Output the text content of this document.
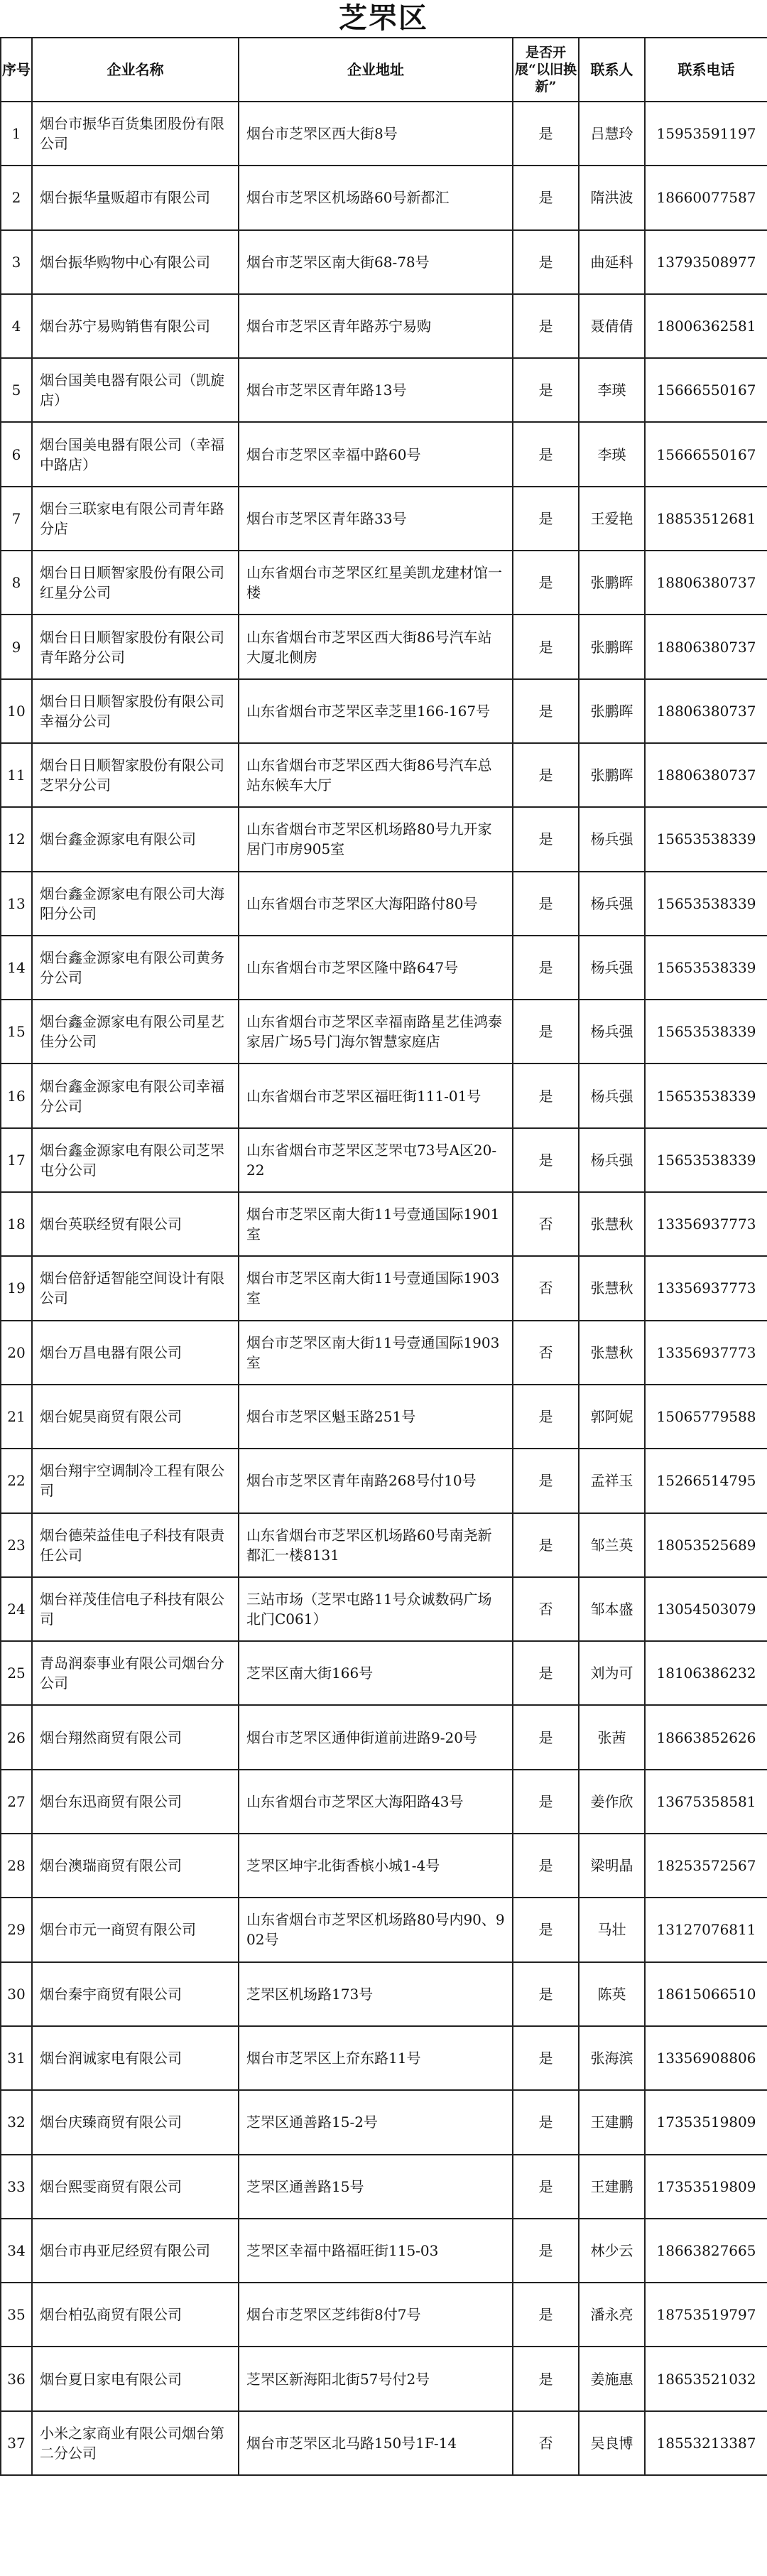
芝罘区
序号	企业名称	企业地址	是否开展“以旧换新”	联系人	联系电话
1	烟台市振华百货集团股份有限公司	烟台市芝罘区西大街8号	是	吕慧玲	15953591197
2	烟台振华量贩超市有限公司	烟台市芝罘区机场路60号新都汇	是	隋洪波	18660077587
3	烟台振华购物中心有限公司	烟台市芝罘区南大街68-78号	是	曲延科	13793508977
4	烟台苏宁易购销售有限公司	烟台市芝罘区青年路苏宁易购	是	聂倩倩	18006362581
5	烟台国美电器有限公司（凯旋店）	烟台市芝罘区青年路13号	是	李瑛	15666550167
6	烟台国美电器有限公司（幸福中路店）	烟台市芝罘区幸福中路60号	是	李瑛	15666550167
7	烟台三联家电有限公司青年路分店	烟台市芝罘区青年路33号	是	王爱艳	18853512681
8	烟台日日顺智家股份有限公司红星分公司	山东省烟台市芝罘区红星美凯龙建材馆一楼	是	张鹏晖	18806380737
9	烟台日日顺智家股份有限公司青年路分公司	山东省烟台市芝罘区西大街86号汽车站大厦北侧房	是	张鹏晖	18806380737
10	烟台日日顺智家股份有限公司幸福分公司	山东省烟台市芝罘区幸芝里166-167号	是	张鹏晖	18806380737
11	烟台日日顺智家股份有限公司芝罘分公司	山东省烟台市芝罘区西大街86号汽车总站东候车大厅	是	张鹏晖	18806380737
12	烟台鑫金源家电有限公司	山东省烟台市芝罘区机场路80号九开家居门市房905室	是	杨兵强	15653538339
13	烟台鑫金源家电有限公司大海阳分公司	山东省烟台市芝罘区大海阳路付80号	是	杨兵强	15653538339
14	烟台鑫金源家电有限公司黄务分公司	山东省烟台市芝罘区隆中路647号	是	杨兵强	15653538339
15	烟台鑫金源家电有限公司星艺佳分公司	山东省烟台市芝罘区幸福南路星艺佳鸿泰家居广场5号门海尔智慧家庭店	是	杨兵强	15653538339
16	烟台鑫金源家电有限公司幸福分公司	山东省烟台市芝罘区福旺街111-01号	是	杨兵强	15653538339
17	烟台鑫金源家电有限公司芝罘屯分公司	山东省烟台市芝罘区芝罘屯73号A区20-22	是	杨兵强	15653538339
18	烟台英联经贸有限公司	烟台市芝罘区南大街11号壹通国际1901室	否	张慧秋	13356937773
19	烟台倍舒适智能空间设计有限公司	烟台市芝罘区南大街11号壹通国际1903室	否	张慧秋	13356937773
20	烟台万昌电器有限公司	烟台市芝罘区南大街11号壹通国际1903室	否	张慧秋	13356937773
21	烟台妮昊商贸有限公司	烟台市芝罘区魁玉路251号	是	郭阿妮	15065779588
22	烟台翔宇空调制冷工程有限公司	烟台市芝罘区青年南路268号付10号	是	孟祥玉	15266514795
23	烟台德荣益佳电子科技有限责任公司	山东省烟台市芝罘区机场路60号南尧新都汇一楼8131	是	邹兰英	18053525689
24	烟台祥茂佳信电子科技有限公司	三站市场（芝罘屯路11号众诚数码广场北门C061）	否	邹本盛	13054503079
25	青岛润泰事业有限公司烟台分公司	芝罘区南大街166号	是	刘为可	18106386232
26	烟台翔然商贸有限公司	烟台市芝罘区通伸街道前进路9-20号	是	张茜	18663852626
27	烟台东迅商贸有限公司	山东省烟台市芝罘区大海阳路43号	是	姜作欣	13675358581
28	烟台澳瑞商贸有限公司	芝罘区坤宇北街香槟小城1-4号	是	梁明晶	18253572567
29	烟台市元一商贸有限公司	山东省烟台市芝罘区机场路80号内90、902号	是	马壮	13127076811
30	烟台秦宇商贸有限公司	芝罘区机场路173号	是	陈英	18615066510
31	烟台润诚家电有限公司	烟台市芝罘区上夼东路11号	是	张海滨	13356908806
32	烟台庆臻商贸有限公司	芝罘区通善路15-2号	是	王建鹏	17353519809
33	烟台熙雯商贸有限公司	芝罘区通善路15号	是	王建鹏	17353519809
34	烟台市冉亚尼经贸有限公司	芝罘区幸福中路福旺街115-03	是	林少云	18663827665
35	烟台柏弘商贸有限公司	烟台市芝罘区芝纬街8付7号	是	潘永亮	18753519797
36	烟台夏日家电有限公司	芝罘区新海阳北街57号付2号	是	姜施惠	18653521032
37	小米之家商业有限公司烟台第二分公司	烟台市芝罘区北马路150号1F-14	否	吴良博	18553213387
